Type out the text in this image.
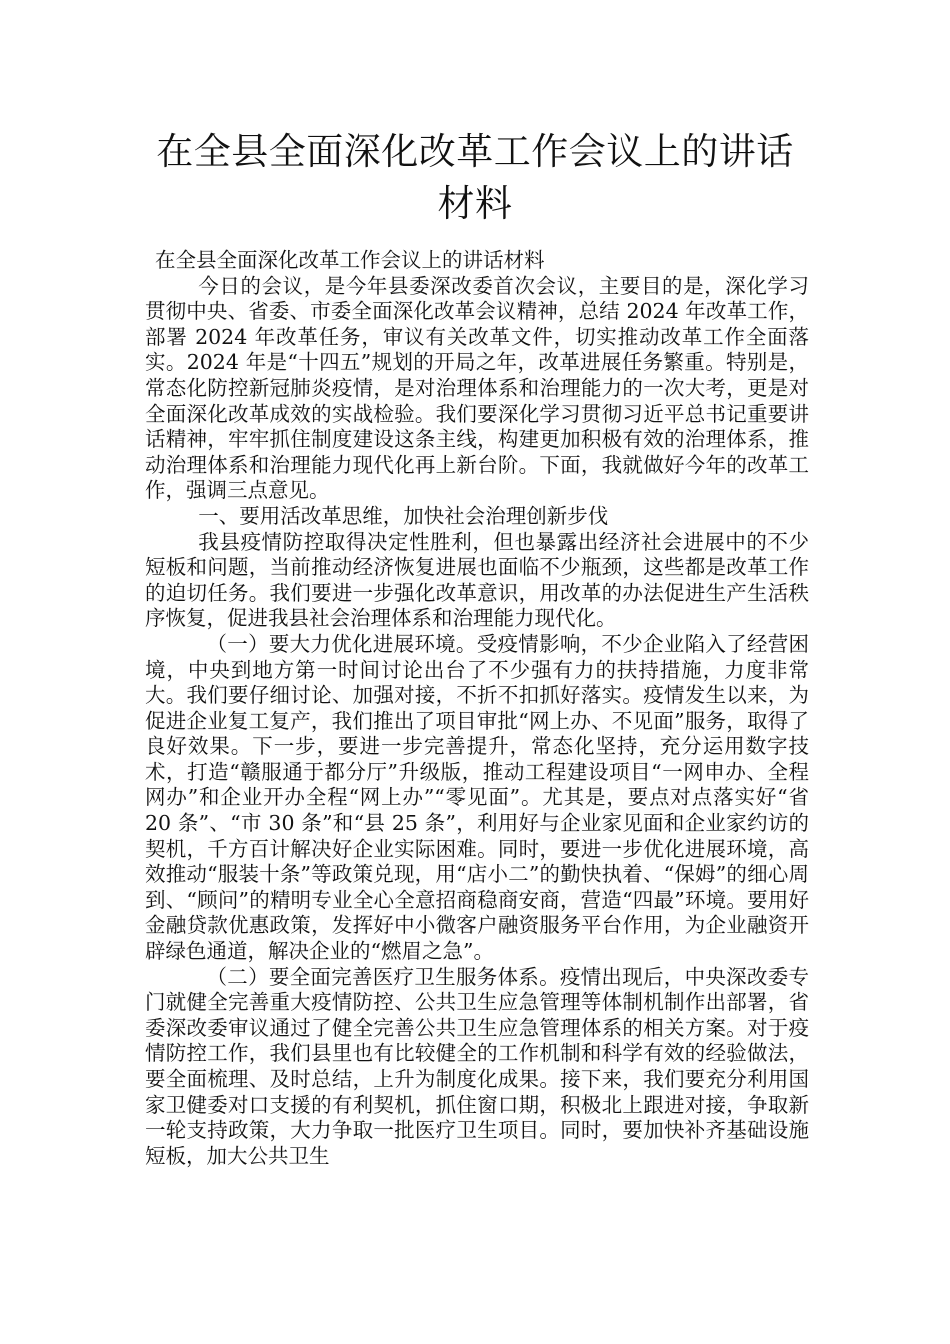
在全县全面深化改革工作会议上的讲话材料

在全县全面深化改革工作会议上的讲话材料

今日的会议，是今年县委深改委首次会议，主要目的是，深化学习贯彻中央、省委、市委全面深化改革会议精神，总结 2024 年改革工作，部署 2024 年改革任务，审议有关改革文件，切实推动改革工作全面落实。2024 年是“十四五”规划的开局之年，改革进展任务繁重。特别是，常态化防控新冠肺炎疫情，是对治理体系和治理能力的一次大考，更是对全面深化改革成效的实战检验。我们要深化学习贯彻习近平总书记重要讲话精神，牢牢抓住制度建设这条主线，构建更加积极有效的治理体系，推动治理体系和治理能力现代化再上新台阶。下面，我就做好今年的改革工作，强调三点意见。

一、要用活改革思维，加快社会治理创新步伐

我县疫情防控取得决定性胜利，但也暴露出经济社会进展中的不少短板和问题，当前推动经济恢复进展也面临不少瓶颈，这些都是改革工作的迫切任务。我们要进一步强化改革意识，用改革的办法促进生产生活秩序恢复，促进我县社会治理体系和治理能力现代化。

（一）要大力优化进展环境。受疫情影响，不少企业陷入了经营困境，中央到地方第一时间讨论出台了不少强有力的扶持措施，力度非常大。我们要仔细讨论、加强对接，不折不扣抓好落实。疫情发生以来，为促进企业复工复产，我们推出了项目审批“网上办、不见面”服务，取得了良好效果。下一步，要进一步完善提升，常态化坚持，充分运用数字技术，打造“赣服通于都分厅”升级版，推动工程建设项目“一网申办、全程网办”和企业开办全程“网上办”“零见面”。尤其是，要点对点落实好“省 20 条”、“市 30 条”和“县 25 条”，利用好与企业家见面和企业家约访的契机，千方百计解决好企业实际困难。同时，要进一步优化进展环境，高效推动“服装十条”等政策兑现，用“店小二”的勤快执着、“保姆”的细心周到、“顾问”的精明专业全心全意招商稳商安商，营造“四最”环境。要用好金融贷款优惠政策，发挥好中小微客户融资服务平台作用，为企业融资开辟绿色通道，解决企业的“燃眉之急”。

（二）要全面完善医疗卫生服务体系。疫情出现后，中央深改委专门就健全完善重大疫情防控、公共卫生应急管理等体制机制作出部署，省委深改委审议通过了健全完善公共卫生应急管理体系的相关方案。对于疫情防控工作，我们县里也有比较健全的工作机制和科学有效的经验做法，要全面梳理、及时总结，上升为制度化成果。接下来，我们要充分利用国家卫健委对口支援的有利契机，抓住窗口期，积极北上跟进对接，争取新一轮支持政策，大力争取一批医疗卫生项目。同时，要加快补齐基础设施短板，加大公共卫生
